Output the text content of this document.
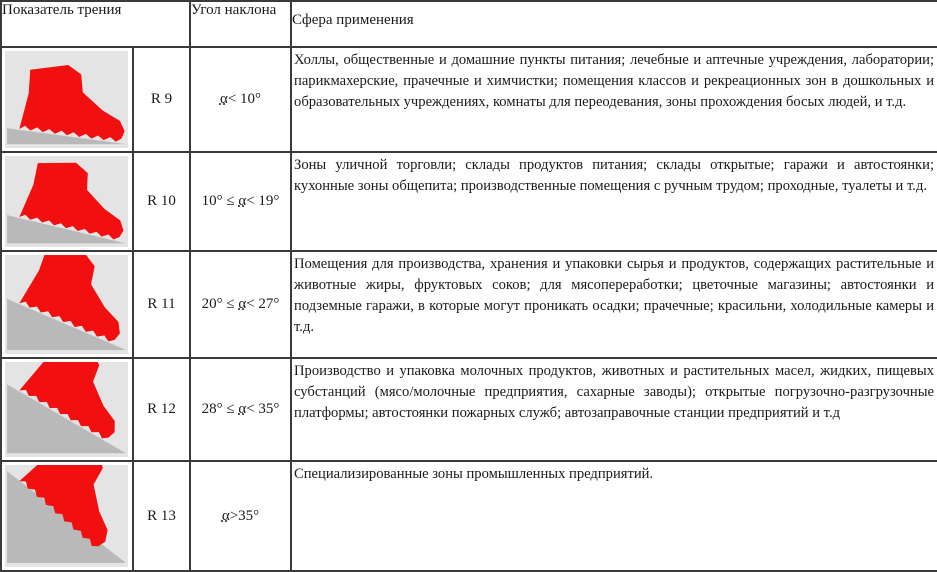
Показатель трения		Угол наклона	Сфера применения

	R 9	α< 10°	Холлы, общественные и домашние пункты питания; лечебные и аптечные учреждения, лаборатории; парикмахерские, прачечные и химчистки; помещения классов и рекреационных зон в дошкольных и образовательных учреждениях, комнаты для переодевания, зоны прохождения босых людей, и т.д.

	R 10	10° ≤ α< 19°	Зоны уличной торговли; склады продуктов питания; склады открытые; гаражи и автостоянки; кухонные зоны общепита; производственные помещения с ручным трудом; проходные, туалеты и т.д.

	R 11	20° ≤ α< 27°	Помещения для производства, хранения и упаковки сырья и продуктов, содержащих растительные и животные жиры, фруктовых соков; для мясопереработки; цветочные магазины; автостоянки и подземные гаражи, в которые могут проникать осадки; прачечные; красильни, холодильные камеры и т.д.

	R 12	28° ≤ α< 35°	Производство и упаковка молочных продуктов, животных и растительных масел, жидких, пищевых субстанций (мясо/молочные предприятия, сахарные заводы); открытые погрузочно-разгрузочные платформы; автостоянки пожарных служб; автозаправочные станции предприятий и т.д

	R 13	α>35°	Специализированные зоны промышленных предприятий.
